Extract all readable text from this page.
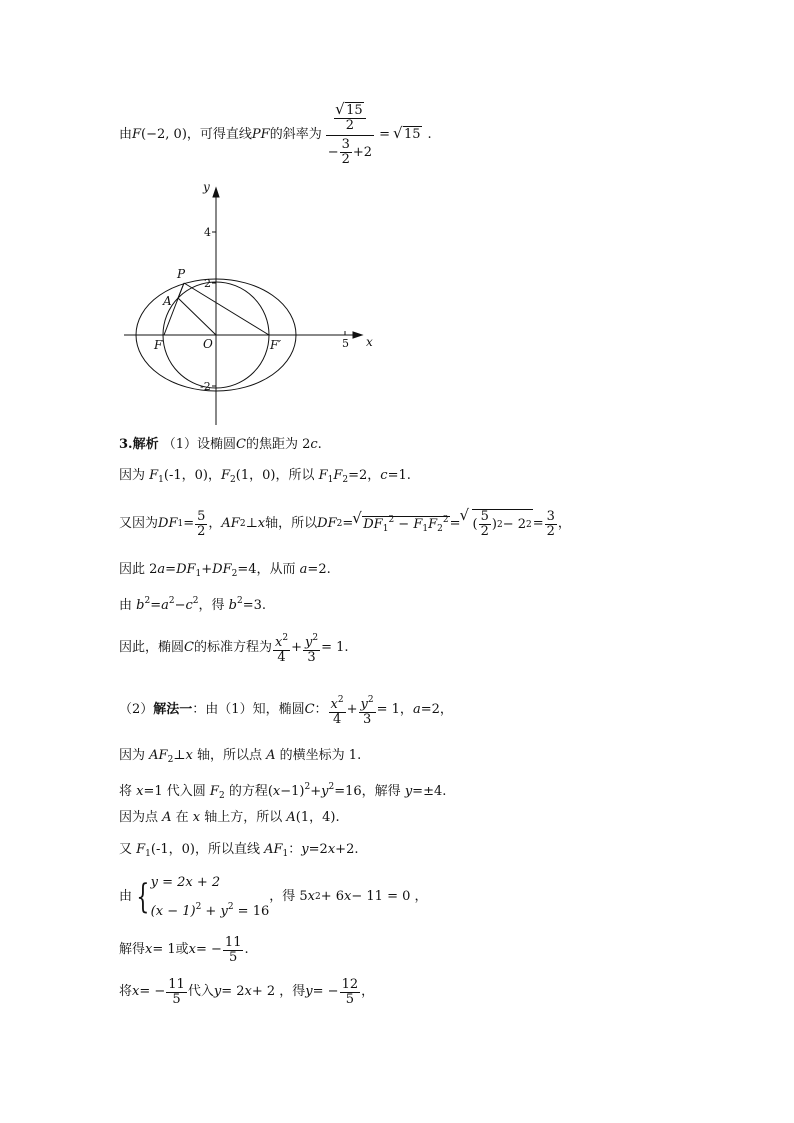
由 F (−2, 0) ，可得直线 PF 的斜率为 √ $\frac{\frac{15}{2}}{- \frac{3}{2} +2}$ =	√ 15 .
y
x
P
A
F	O	F′
4
2
-2
5
3.解析 （1）设椭圆C的焦距为 2c.
因为 $F_1(-1$，0)，$F_2(1$，0)，所以 $F_1F_2=2$，c=1.
又因为 DF $1 = \frac{5}{2}$ ， AF 2 ⊥ x 轴，所以 DF 2 = √ $DF_1^2 - F_1F_2^2$ = √ ( $\frac{5}{2}$ ) 2 − 2 $2 = \frac{3}{2}$ ，
因此 $2a=DF_1+DF_2=4$，从而 a=2.
由 $b^2=a^2-c^2$，得 $b^2=3$.
因此，椭圆 C 的标准方程为 $\frac{x^2}{4} + \frac{y^2}{3} = 1$.
（2） 解法一 ：由（1）知，椭圆 C ： $\frac{x^2}{4} + \frac{y^2}{3} = 1$ ， a =2，
因为 $AF_2\perp x$ 轴，所以点 A 的横坐标为 1.
将 x=1 代入圆 $F_2$ 的方程$(x-1)^2+y^2=16$，解得 y=±4.
因为点 A 在 x 轴上方，所以 A(1，4).
又 $F_1(-1$，0)，所以直线 $AF_1$：y=2x+2.
由 { y = 2x + 2
$(x - 1)^2 + y^2 = 16$
，得 5 x 2 + 6 x − 11 = 0 ，
解得 x = 1或 x = − $\frac{11}{5}$ .
将 x = − $\frac{11}{5}$ 代入 y = 2 x + 2 ，得 y = − $\frac{12}{5}$ ，
